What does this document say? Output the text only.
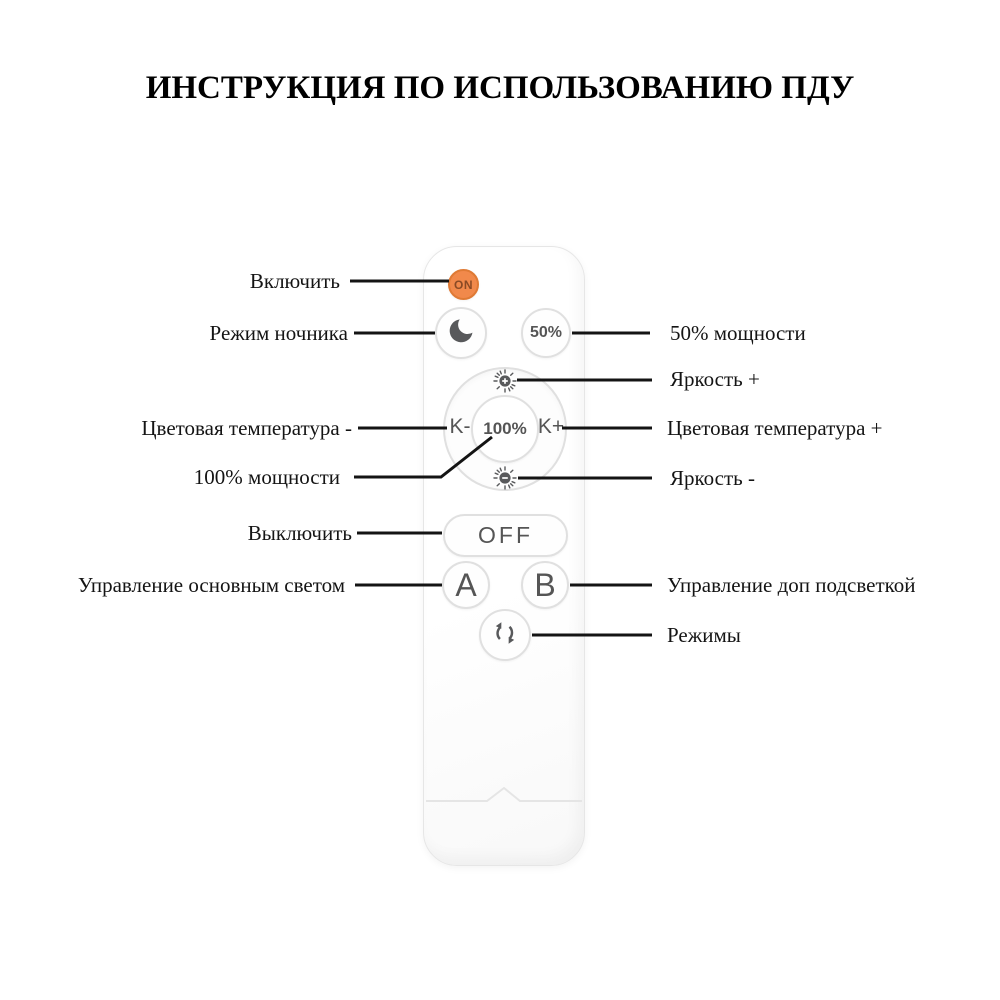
ИНСТРУКЦИЯ ПО ИСПОЛЬЗОВАНИЮ ПДУ
ON
50%
100%
K-	K+
OFF
A B
Включить
Режим ночника
Цветовая температура -
100% мощности
Выключить
Управление основным светом
50% мощности
Яркость +
Цветовая температура +
Яркость -
Управление доп подсветкой
Режимы
